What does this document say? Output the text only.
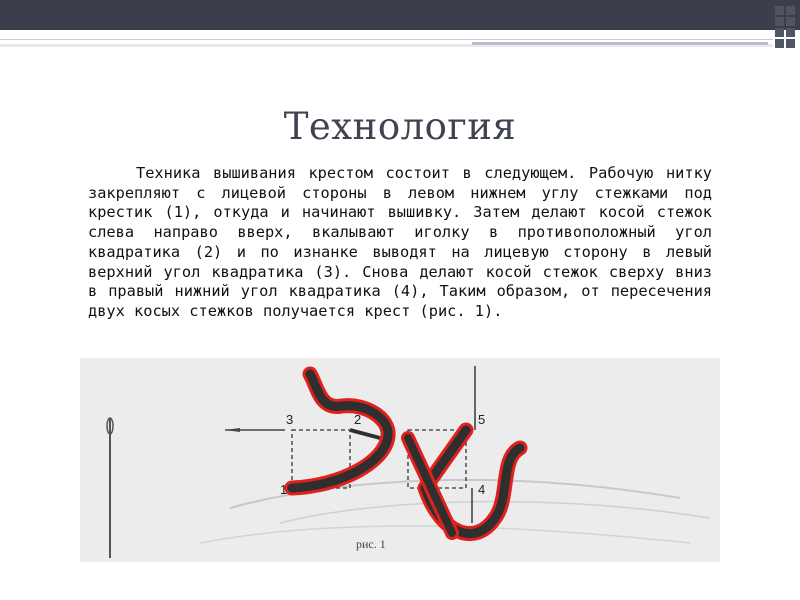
Технология

Техника вышивания крестом состоит в следующем. Рабочую нитку закрепляют с лицевой стороны в левом нижнем углу стежками под крестик (1), откуда и начинают вышивку. Затем делают косой стежок слева направо вверх, вкалывают иголку в противоположный угол квадратика (2) и по изнанке выводят на лицевую сторону в левый верхний угол квадратика (3). Снова делают косой стежок сверху вниз в правый нижний угол квадратика (4), Таким образом, от пересечения двух косых стежков получается крест (рис. 1).

3
1
2	5
4
рис. 1
